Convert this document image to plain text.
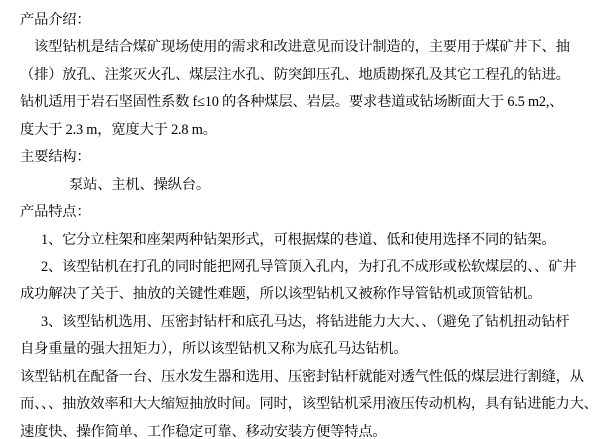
产品介绍：

该型钻机是结合煤矿现场使用的需求和改进意见而设计制造的，主要用于煤矿井下、抽

（排）放孔、注浆灭火孔、煤层注水孔、防突卸压孔、地质勘探孔及其它工程孔的钻进。

钻机适用于岩石坚固性系数 f≤10 的各种煤层、岩层。要求巷道或钻场断面大于 6.5 m2,、

度大于 2.3 m，宽度大于 2.8 m。

主要结构：

泵站、主机、操纵台。

产品特点：

1、它分立柱架和座架两种钻架形式，可根据煤的巷道、低和使用选择不同的钻架。

2、该型钻机在打孔的同时能把网孔导管顶入孔内，为打孔不成形或松软煤层的、、矿井

成功解决了关于、抽放的关键性难题，所以该型钻机又被称作导管钻机或顶管钻机。

3、该型钻机选用、压密封钻杆和底孔马达，将钻进能力大大、、（避免了钻机扭动钻杆

自身重量的强大扭矩力），所以该型钻机又称为底孔马达钻机。

该型钻机在配备一台、压水发生器和选用、压密封钻杆就能对透气性低的煤层进行割缝，从

而、、、抽放效率和大大缩短抽放时间。同时，该型钻机采用液压传动机构，具有钻进能力大、

速度快、操作简单、工作稳定可靠、移动安装方便等特点。
